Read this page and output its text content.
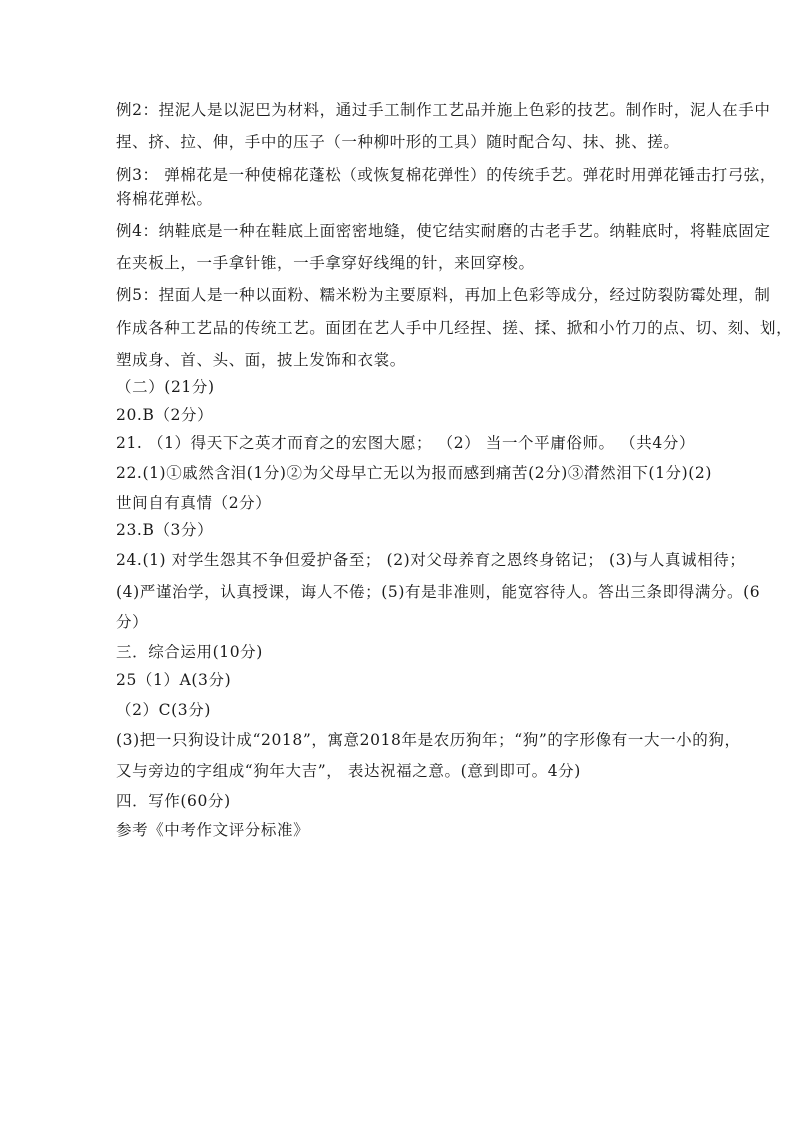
例2：捏泥人是以泥巴为材料，通过手工制作工艺品并施上色彩的技艺。制作时，泥人在手中
捏、挤、拉、伸，手中的压子（一种柳叶形的工具）随时配合勾、抹、挑、搓。
例3： 弹棉花是一种使棉花蓬松（或恢复棉花弹性）的传统手艺。弹花时用弹花锤击打弓弦，
将棉花弹松。
例4：纳鞋底是一种在鞋底上面密密地缝，使它结实耐磨的古老手艺。纳鞋底时，将鞋底固定
在夹板上，一手拿针锥，一手拿穿好线绳的针，来回穿梭。
例5：捏面人是一种以面粉、糯米粉为主要原料，再加上色彩等成分，经过防裂防霉处理，制
作成各种工艺品的传统工艺。面团在艺人手中几经捏、搓、揉、掀和小竹刀的点、切、刻、划，
塑成身、首、头、面，披上发饰和衣裳。
（二）(21分)
20.B（2分）
21. （1）得天下之英才而育之的宏图大愿； （2） 当一个平庸俗师。 （共4分）
22.(1)①戚然含泪(1分)②为父母早亡无以为报而感到痛苦(2分)③潸然泪下(1分)(2)
世间自有真情（2分）
23.B（3分）
24.(1) 对学生怨其不争但爱护备至； (2)对父母养育之恩终身铭记； (3)与人真诚相待；
(4)严谨治学，认真授课，诲人不倦；(5)有是非准则，能宽容待人。答出三条即得满分。(6
分）
三．综合运用(10分)
25（1）A(3分)
（2）C(3分)
(3)把一只狗设计成“2018”，寓意2018年是农历狗年；“狗”的字形像有一大一小的狗，
又与旁边的字组成“狗年大吉”， 表达祝福之意。(意到即可。4分)
四．写作(60分)
参考《中考作文评分标准》
